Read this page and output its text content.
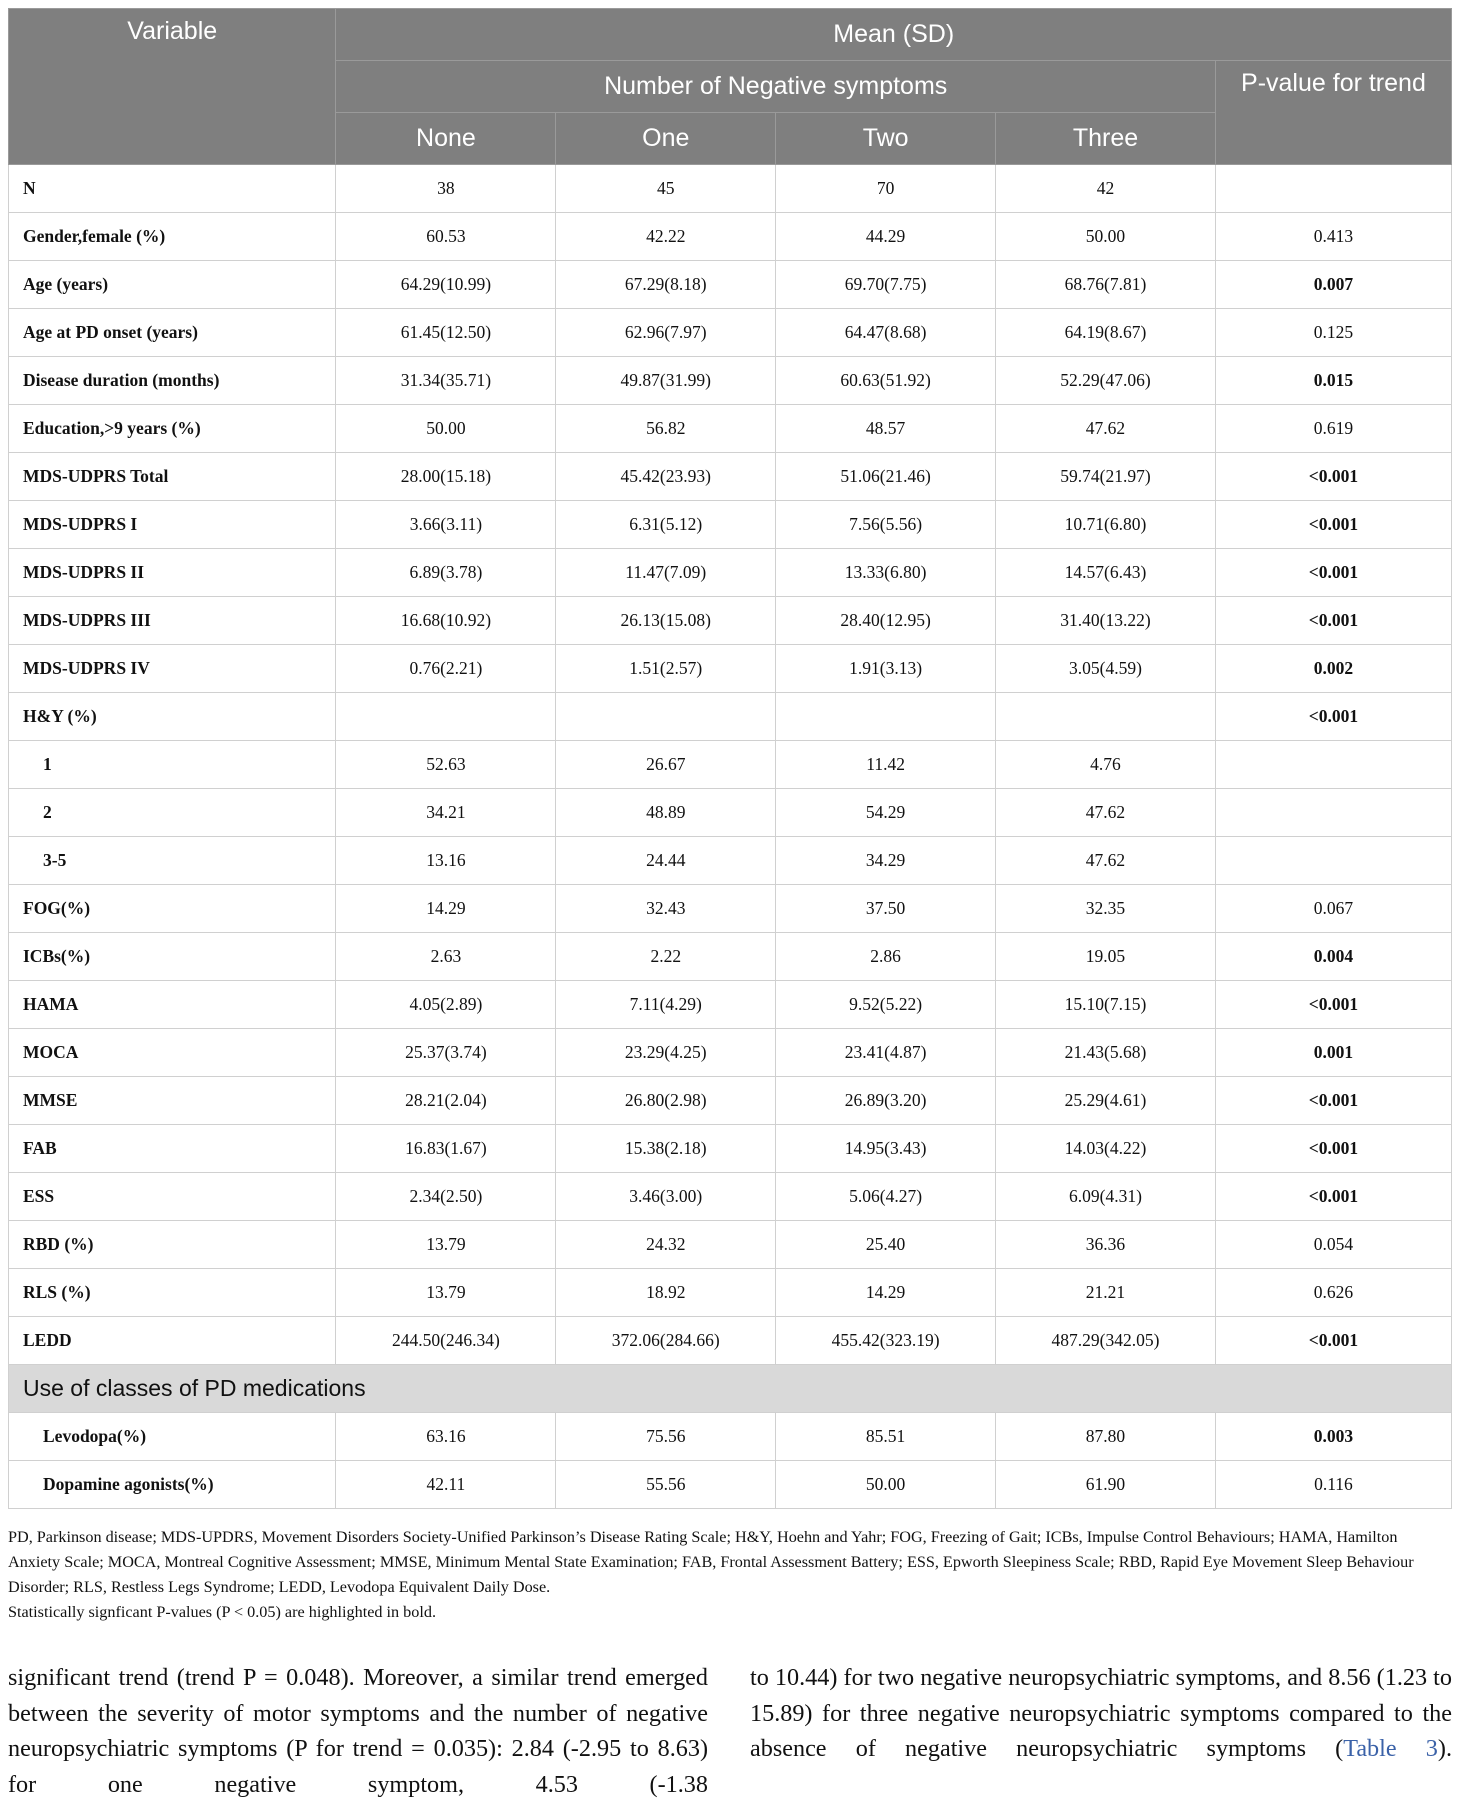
Variable	Mean (SD)				
	Number of Negative symptoms				P-value for trend
	None	One	Two	Three	
N	38	45	70	42	
Gender,female (%)	60.53	42.22	44.29	50.00	0.413
Age (years)	64.29(10.99)	67.29(8.18)	69.70(7.75)	68.76(7.81)	0.007
Age at PD onset (years)	61.45(12.50)	62.96(7.97)	64.47(8.68)	64.19(8.67)	0.125
Disease duration (months)	31.34(35.71)	49.87(31.99)	60.63(51.92)	52.29(47.06)	0.015
Education,>9 years (%)	50.00	56.82	48.57	47.62	0.619
MDS-UDPRS Total	28.00(15.18)	45.42(23.93)	51.06(21.46)	59.74(21.97)	<0.001
MDS-UDPRS I	3.66(3.11)	6.31(5.12)	7.56(5.56)	10.71(6.80)	<0.001
MDS-UDPRS II	6.89(3.78)	11.47(7.09)	13.33(6.80)	14.57(6.43)	<0.001
MDS-UDPRS III	16.68(10.92)	26.13(15.08)	28.40(12.95)	31.40(13.22)	<0.001
MDS-UDPRS IV	0.76(2.21)	1.51(2.57)	1.91(3.13)	3.05(4.59)	0.002
H&Y (%)					<0.001
1	52.63	26.67	11.42	4.76	
2	34.21	48.89	54.29	47.62	
3-5	13.16	24.44	34.29	47.62	
FOG(%)	14.29	32.43	37.50	32.35	0.067
ICBs(%)	2.63	2.22	2.86	19.05	0.004
HAMA	4.05(2.89)	7.11(4.29)	9.52(5.22)	15.10(7.15)	<0.001
MOCA	25.37(3.74)	23.29(4.25)	23.41(4.87)	21.43(5.68)	0.001
MMSE	28.21(2.04)	26.80(2.98)	26.89(3.20)	25.29(4.61)	<0.001
FAB	16.83(1.67)	15.38(2.18)	14.95(3.43)	14.03(4.22)	<0.001
ESS	2.34(2.50)	3.46(3.00)	5.06(4.27)	6.09(4.31)	<0.001
RBD (%)	13.79	24.32	25.40	36.36	0.054
RLS (%)	13.79	18.92	14.29	21.21	0.626
LEDD	244.50(246.34)	372.06(284.66)	455.42(323.19)	487.29(342.05)	<0.001
Use of classes of PD medications					
Levodopa(%)	63.16	75.56	85.51	87.80	0.003
Dopamine agonists(%)	42.11	55.56	50.00	61.90	0.116

PD, Parkinson disease; MDS-UPDRS, Movement Disorders Society-Unified Parkinson’s Disease Rating Scale; H&Y, Hoehn and Yahr; FOG, Freezing of Gait; ICBs, Impulse Control Behaviours; HAMA, Hamilton Anxiety Scale; MOCA, Montreal Cognitive Assessment; MMSE, Minimum Mental State Examination; FAB, Frontal Assessment Battery; ESS, Epworth Sleepiness Scale; RBD, Rapid Eye Movement Sleep Behaviour Disorder; RLS, Restless Legs Syndrome; LEDD, Levodopa Equivalent Daily Dose.

Statistically signficant P-values (P < 0.05) are highlighted in bold.

significant trend (trend P = 0.048). Moreover, a similar trend emerged between the severity of motor symptoms and the number of negative neuropsychiatric symptoms (P for trend = 0.035): 2.84 (-2.95 to 8.63) for one negative symptom, 4.53 (-1.38

to 10.44) for two negative neuropsychiatric symptoms, and 8.56 (1.23 to 15.89) for three negative neuropsychiatric symptoms compared to the absence of negative neuropsychiatric symptoms (Table 3).
